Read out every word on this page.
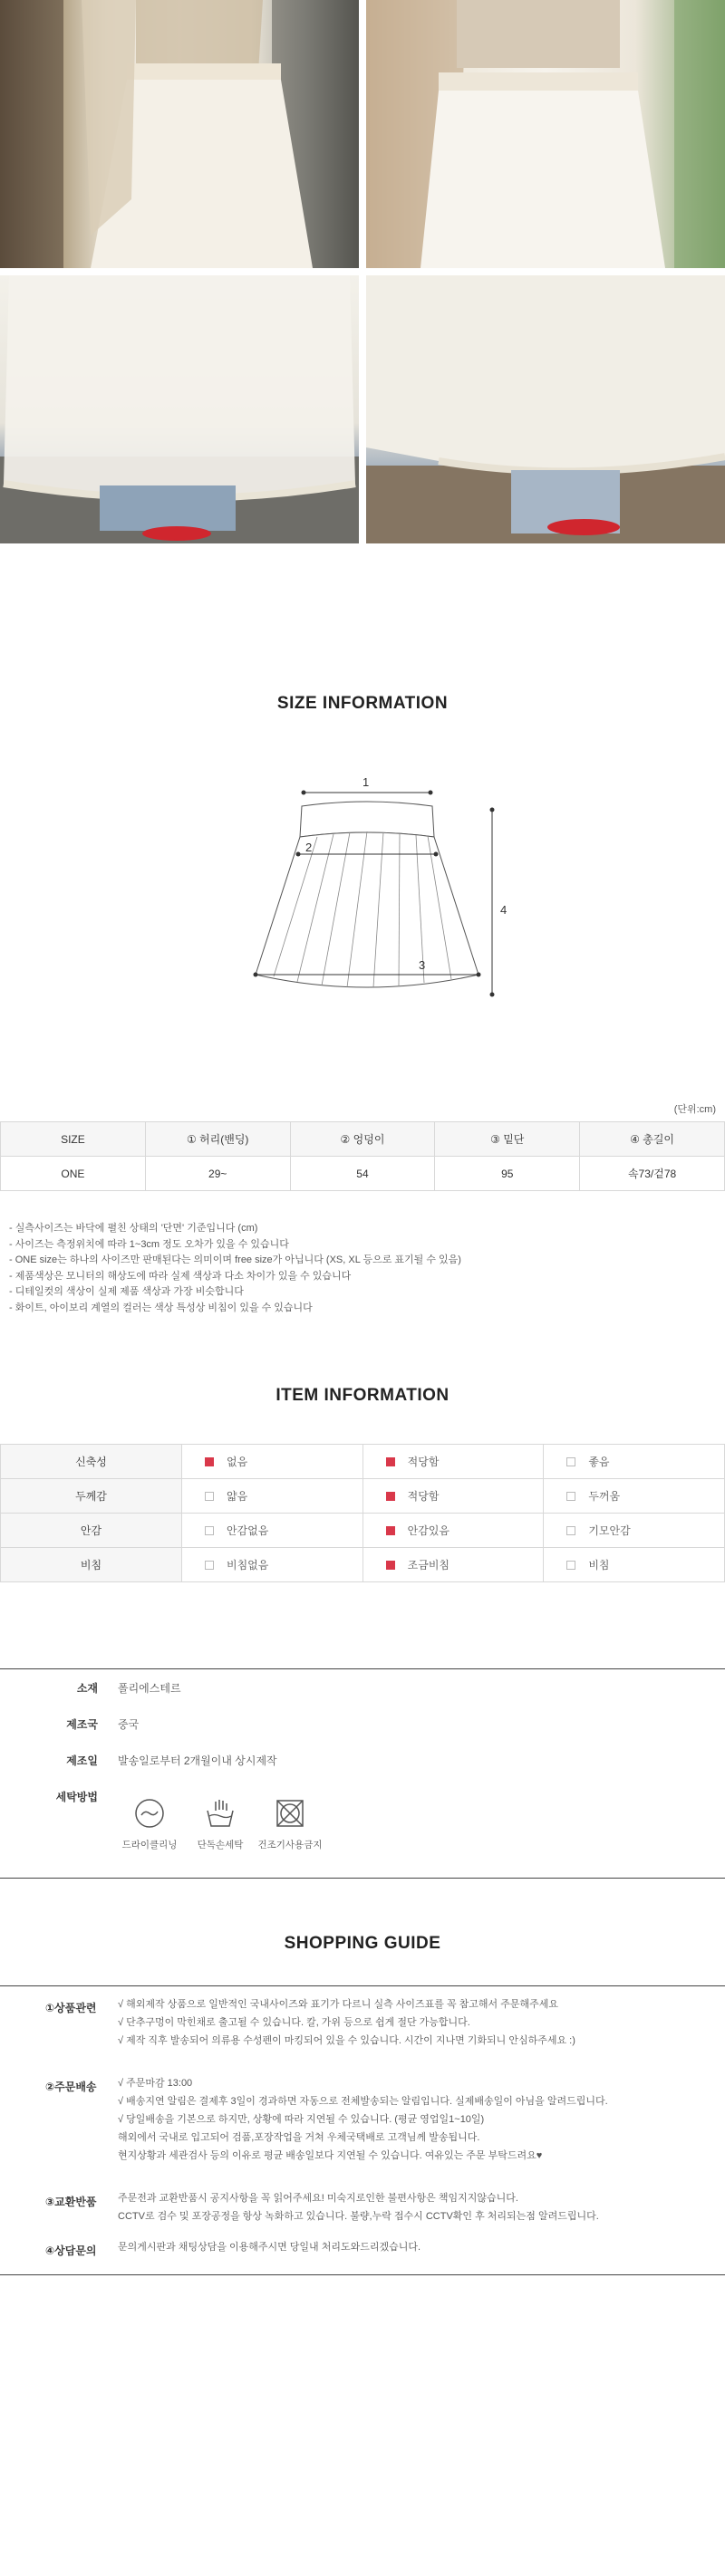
SIZE INFORMATION
1
2
3
4
(단위:cm)
SIZE	① 허리(밴딩)	② 엉덩이	③ 밑단	④ 총길이
ONE	29~	54	95	속73/겉78
- 실측사이즈는 바닥에 펼친 상태의 '단면' 기준입니다 (cm)
- 사이즈는 측정위치에 따라 1~3cm 정도 오차가 있을 수 있습니다
- ONE size는 하나의 사이즈만 판매된다는 의미이며 free size가 아닙니다 (XS, XL 등으로 표기될 수 있음)
- 제품색상은 모니터의 해상도에 따라 실제 색상과 다소 차이가 있을 수 있습니다
- 디테일컷의 색상이 실제 제품 색상과 가장 비슷합니다
- 화이트, 아이보리 계열의 컬러는 색상 특성상 비침이 있을 수 있습니다
ITEM INFORMATION
신축성	없음	적당함	좋음
두께감	얇음	적당함	두꺼움
안감	안감없음	안감있음	기모안감
비침	비침없음	조금비침	비침
소재 폴리에스테르
제조국 중국
제조일 발송일로부터 2개월이내 상시제작
세탁방법
드라이클리닝	단독손세탁	건조기사용금지
SHOPPING GUIDE
①상품관련 √ 해외제작 상품으로 일반적인 국내사이즈와 표기가 다르니 실측 사이즈표를 꼭 참고해서 주문해주세요
√ 단추구멍이 막힌채로 출고될 수 있습니다. 칼, 가위 등으로 쉽게 절단 가능합니다.
√ 제작 직후 발송되어 의류용 수성펜이 마킹되어 있을 수 있습니다. 시간이 지나면 기화되니 안심하주세요 :)
②주문배송 √ 주문마감 13:00
√ 배송지연 알림은 결제후 3일이 경과하면 자동으로 전체발송되는 알림입니다. 실제배송일이 아님을 알려드립니다.
√ 당일배송을 기본으로 하지만, 상황에 따라 지연될 수 있습니다. (평균 영업일1~10일)
해외에서 국내로 입고되어 검품,포장작업을 거쳐 우체국택배로 고객님께 발송됩니다.
현지상황과 세관검사 등의 이유로 평균 배송일보다 지연될 수 있습니다. 여유있는 주문 부탁드려요♥
③교환반품 주문전과 교환반품시 공지사항을 꼭 읽어주세요! 미숙지로인한 불편사항은 책임지지않습니다.
CCTV로 검수 및 포장공정을 항상 녹화하고 있습니다. 불량,누락 접수시 CCTV확인 후 처리되는점 알려드립니다.
④상담문의 문의게시판과 채팅상담을 이용해주시면 당일내 처리도와드리겠습니다.
